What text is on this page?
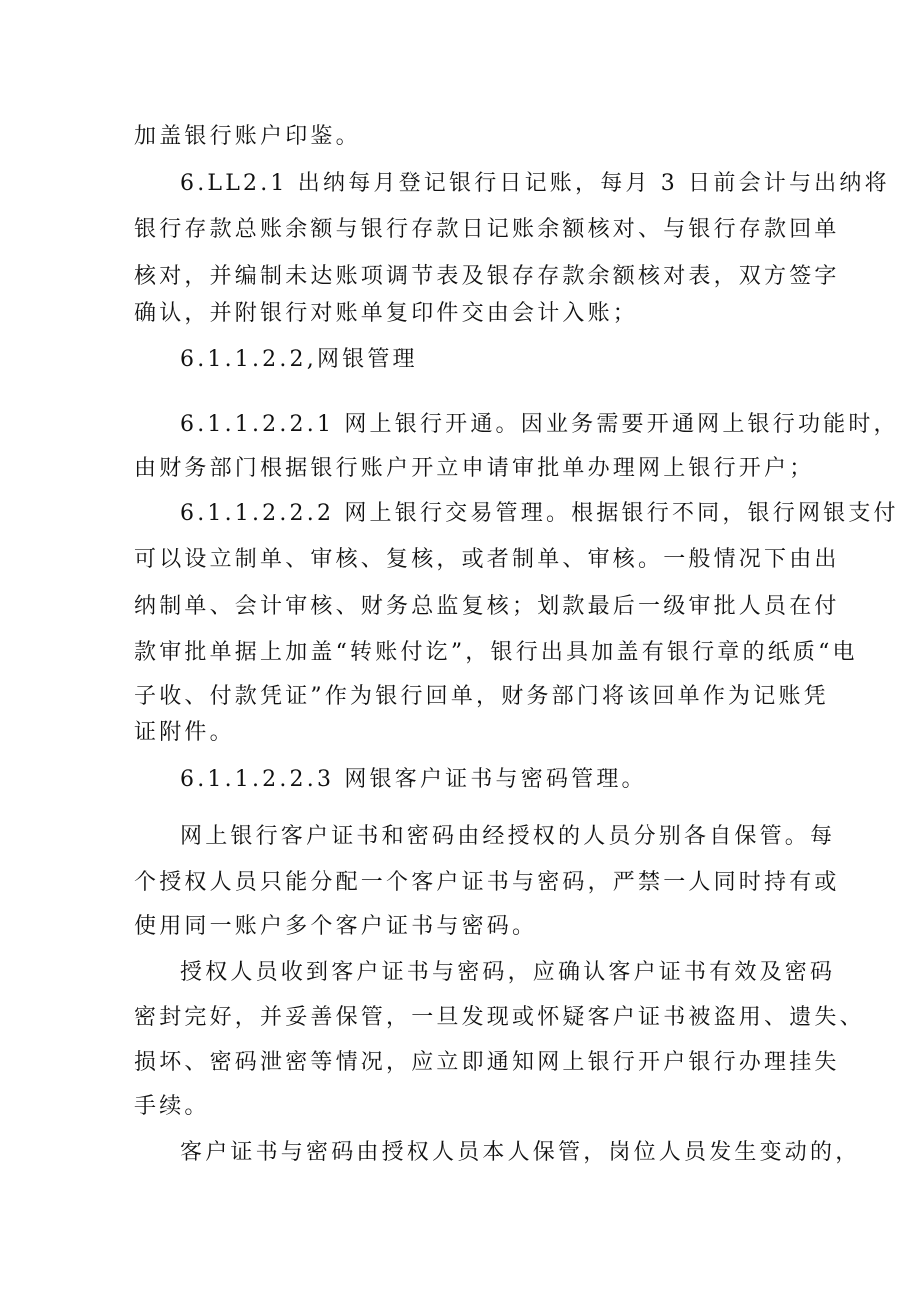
加盖银行账户印鉴。
6.LL2.1 出纳每月登记银行日记账，每月 3 日前会计与出纳将
银行存款总账余额与银行存款日记账余额核对、与银行存款回单
核对，并编制未达账项调节表及银存存款余额核对表，双方签字
确认，并附银行对账单复印件交由会计入账；
6.1.1.2.2,网银管理
6.1.1.2.2.1 网上银行开通。因业务需要开通网上银行功能时，
由财务部门根据银行账户开立申请审批单办理网上银行开户；
6.1.1.2.2.2 网上银行交易管理。根据银行不同，银行网银支付
可以设立制单、审核、复核，或者制单、审核。一般情况下由出
纳制单、会计审核、财务总监复核；划款最后一级审批人员在付
款审批单据上加盖“转账付讫”，银行出具加盖有银行章的纸质“电
子收、付款凭证”作为银行回单，财务部门将该回单作为记账凭
证附件。
6.1.1.2.2.3 网银客户证书与密码管理。
网上银行客户证书和密码由经授权的人员分别各自保管。每
个授权人员只能分配一个客户证书与密码，严禁一人同时持有或
使用同一账户多个客户证书与密码。
授权人员收到客户证书与密码，应确认客户证书有效及密码
密封完好，并妥善保管，一旦发现或怀疑客户证书被盗用、遗失、
损坏、密码泄密等情况，应立即通知网上银行开户银行办理挂失
手续。
客户证书与密码由授权人员本人保管，岗位人员发生变动的，
